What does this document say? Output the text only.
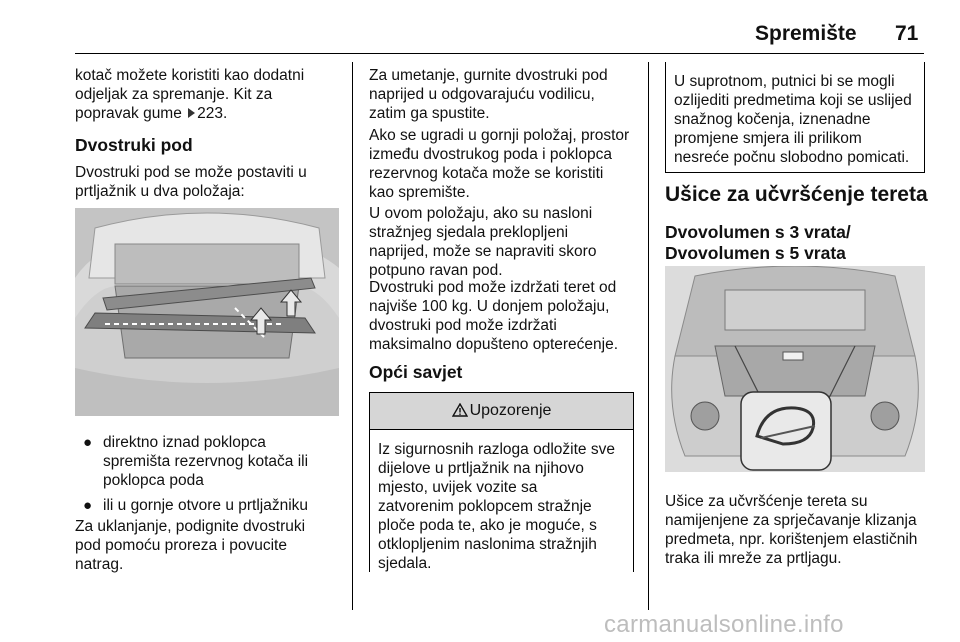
Spremište 71
kotač možete koristiti kao dodatni
odjeljak za spremanje. Kit za
popravak gume 223.
Dvostruki pod
Dvostruki pod se može postaviti u
prtljažnik u dva položaja:
● direktno iznad poklopca
spremišta rezervnog kotača ili
poklopca poda
● ili u gornje otvore u prtljažniku
Za uklanjanje, podignite dvostruki
pod pomoću proreza i povucite
natrag.
Za umetanje, gurnite dvostruki pod
naprijed u odgovarajuću vodilicu,
zatim ga spustite.
Ako se ugradi u gornji položaj, prostor
između dvostrukog poda i poklopca
rezervnog kotača može se koristiti
kao spremište.
U ovom položaju, ako su nasloni
stražnjeg sjedala preklopljeni
naprijed, može se napraviti skoro
potpuno ravan pod.
Dvostruki pod može izdržati teret od
najviše 100 kg. U donjem položaju,
dvostruki pod može izdržati
maksimalno dopušteno opterećenje.
Opći savjet
Upozorenje
Iz sigurnosnih razloga odložite sve
dijelove u prtljažnik na njihovo
mjesto, uvijek vozite sa
zatvorenim poklopcem stražnje
ploče poda te, ako je moguće, s
otklopljenim naslonima stražnjih
sjedala.
U suprotnom, putnici bi se mogli
ozlijediti predmetima koji se uslijed
snažnog kočenja, iznenadne
promjene smjera ili prilikom
nesreće počnu slobodno pomicati.
Ušice za učvršćenje tereta
Dvovolumen s 3 vrata/
Dvovolumen s 5 vrata
Ušice za učvršćenje tereta su
namijenjene za sprječavanje klizanja
predmeta, npr. korištenjem elastičnih
traka ili mreže za prtljagu.
carmanualsonline.info
